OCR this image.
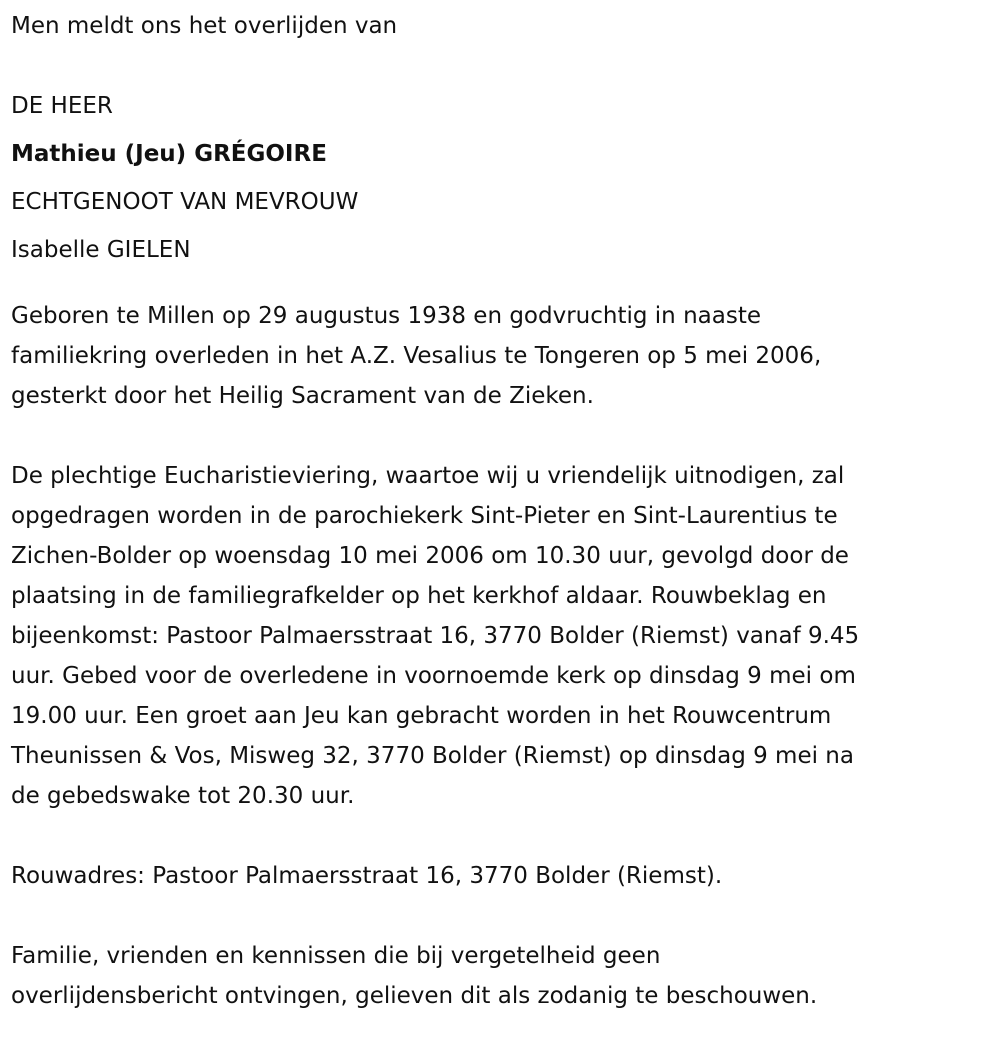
Men meldt ons het overlijden van

DE HEER

Mathieu (Jeu) GRÉGOIRE

ECHTGENOOT VAN MEVROUW

Isabelle GIELEN

Geboren te Millen op 29 augustus 1938 en godvruchtig in naaste
familiekring overleden in het A.Z. Vesalius te Tongeren op 5 mei 2006,
gesterkt door het Heilig Sacrament van de Zieken.

De plechtige Eucharistieviering, waartoe wij u vriendelijk uitnodigen, zal
opgedragen worden in de parochiekerk Sint-Pieter en Sint-Laurentius te
Zichen-Bolder op woensdag 10 mei 2006 om 10.30 uur, gevolgd door de
plaatsing in de familiegrafkelder op het kerkhof aldaar. Rouwbeklag en
bijeenkomst: Pastoor Palmaersstraat 16, 3770 Bolder (Riemst) vanaf 9.45
uur. Gebed voor de overledene in voornoemde kerk op dinsdag 9 mei om
19.00 uur. Een groet aan Jeu kan gebracht worden in het Rouwcentrum
Theunissen & Vos, Misweg 32, 3770 Bolder (Riemst) op dinsdag 9 mei na
de gebedswake tot 20.30 uur.

Rouwadres: Pastoor Palmaersstraat 16, 3770 Bolder (Riemst).

Familie, vrienden en kennissen die bij vergetelheid geen
overlijdensbericht ontvingen, gelieven dit als zodanig te beschouwen.
